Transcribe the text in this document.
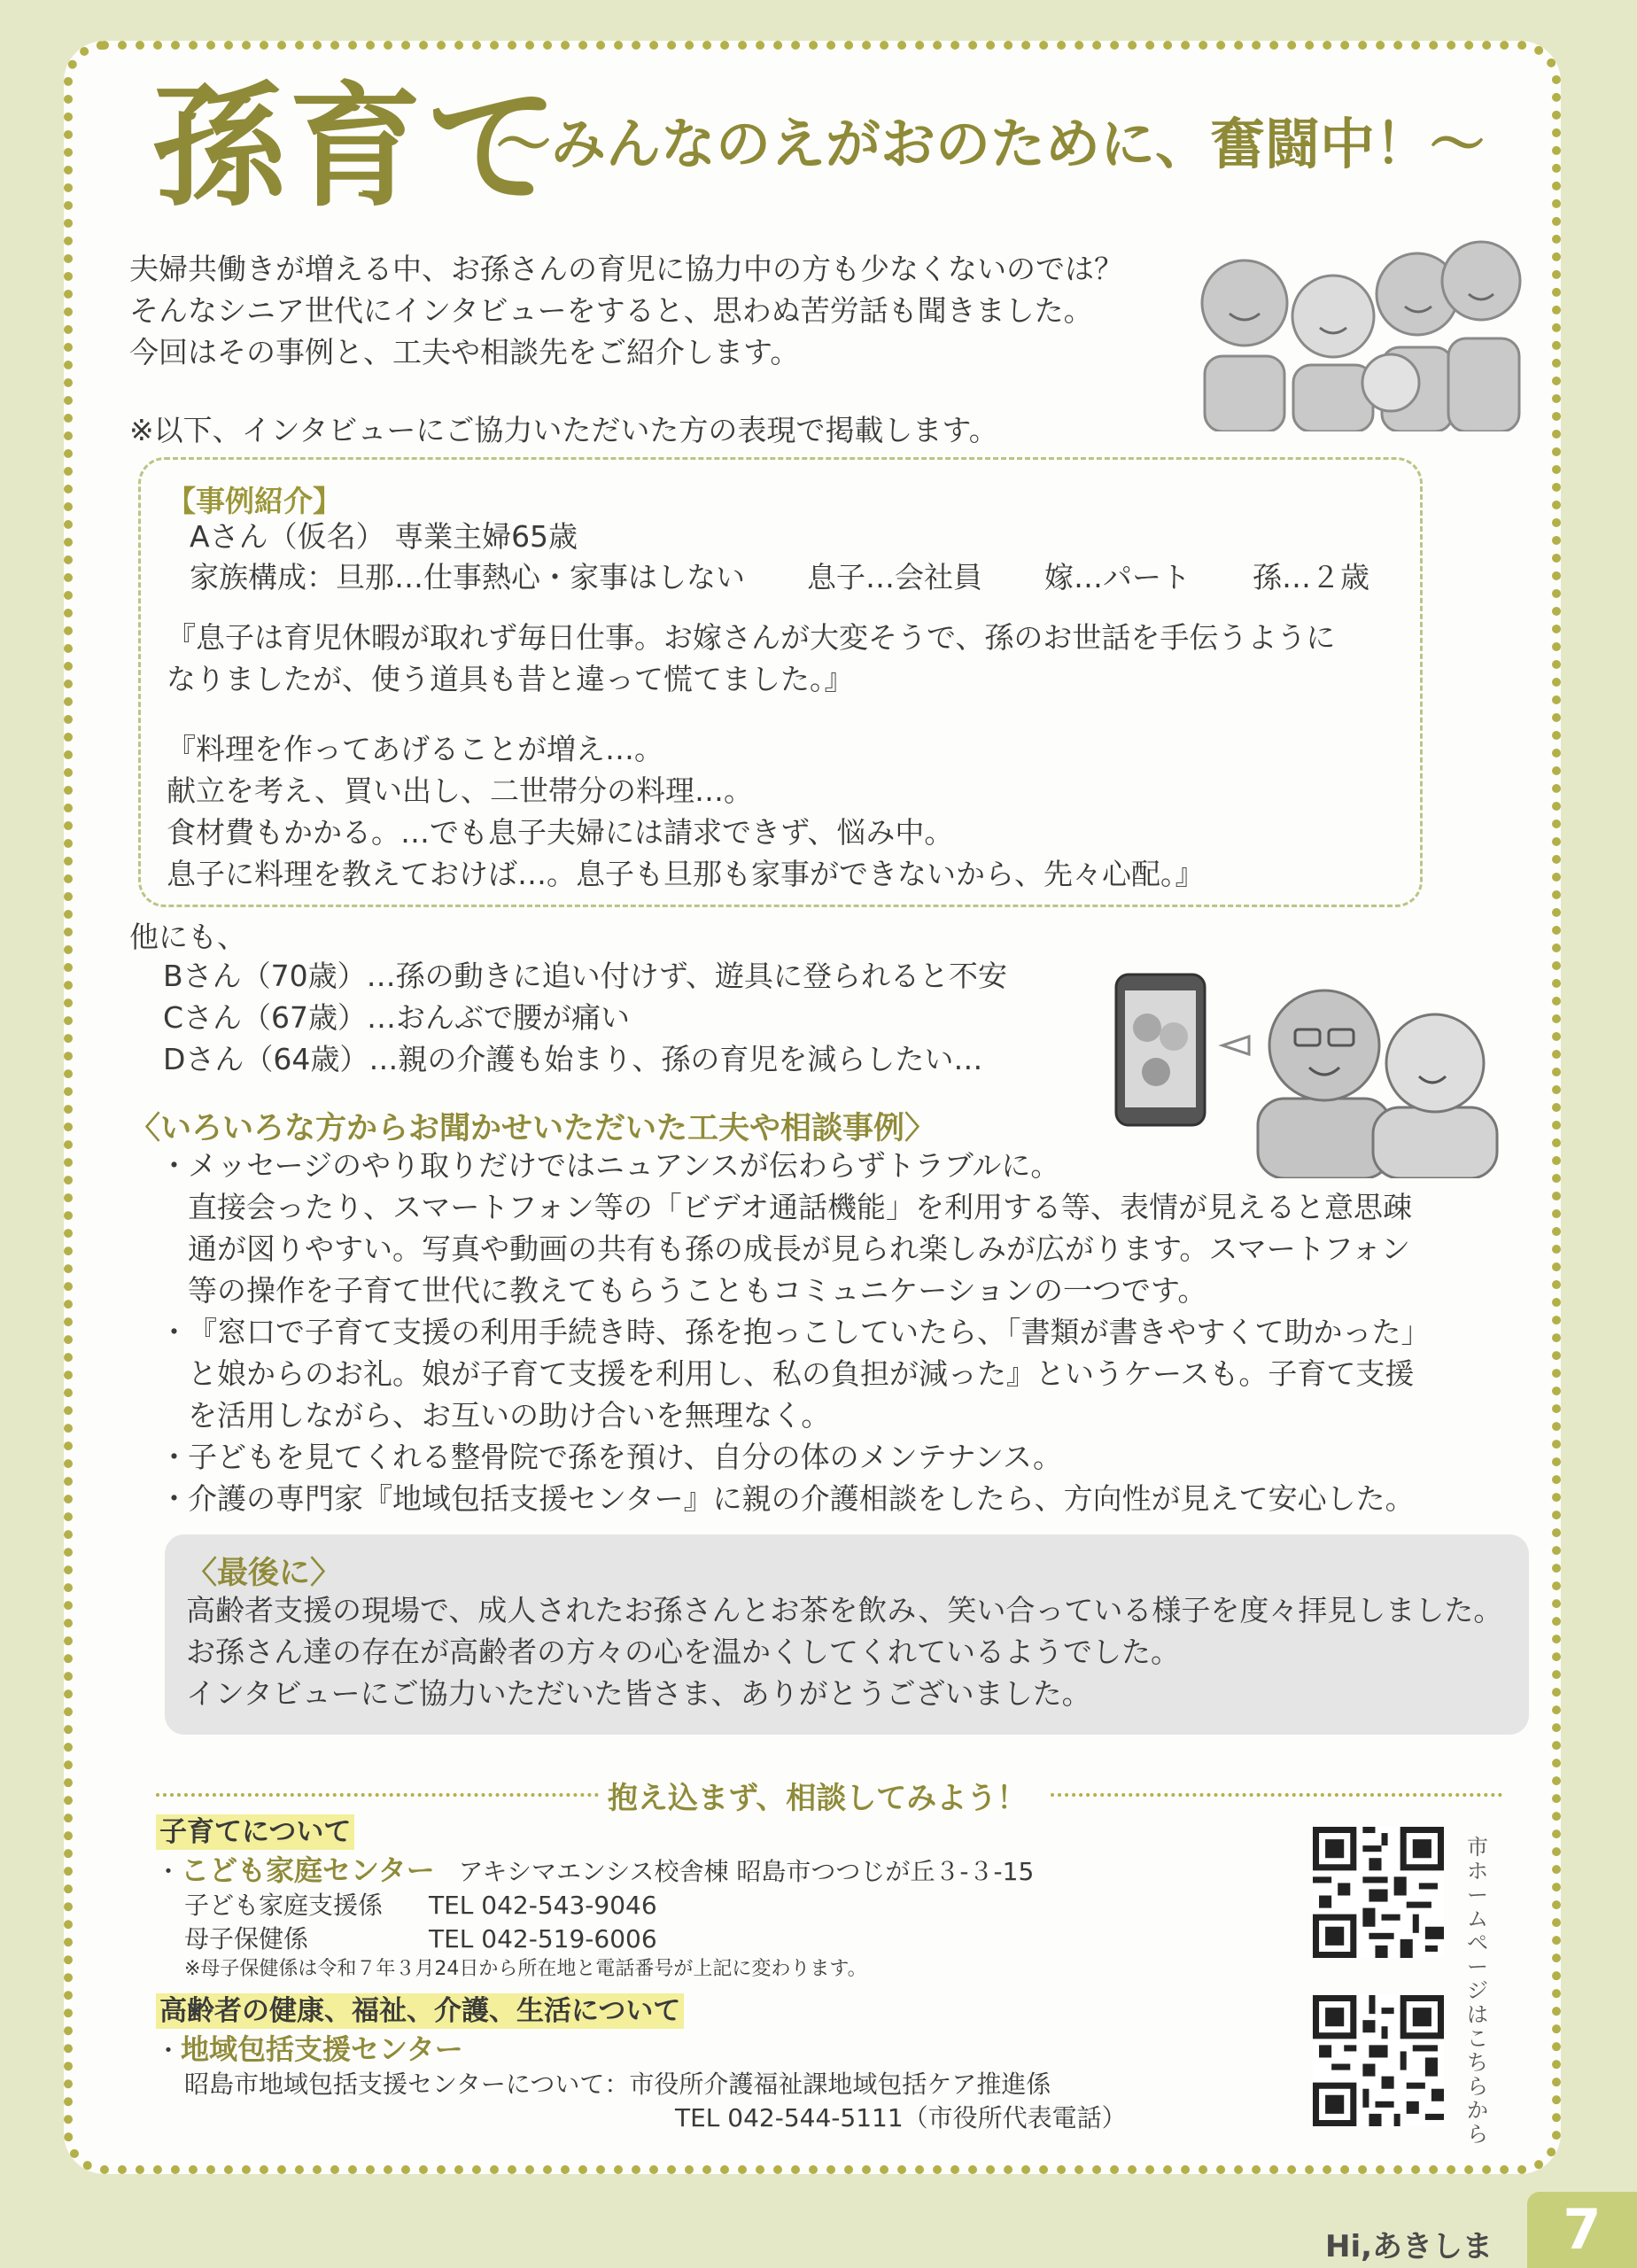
孫育て
〜みんなのえがおのために、奮闘中！〜
夫婦共働きが増える中、お孫さんの育児に協力中の方も少なくないのでは？
そんなシニア世代にインタビューをすると、思わぬ苦労話も聞きました。
今回はその事例と、工夫や相談先をご紹介します。
※以下、インタビューにご協力いただいた方の表現で掲載します。
【事例紹介】
Aさん（仮名） 専業主婦65歳
家族構成：旦那…仕事熱心・家事はしない 息子…会社員 嫁…パート 孫…２歳
『息子は育児休暇が取れず毎日仕事。お嫁さんが大変そうで、孫のお世話を手伝うように
なりましたが、使う道具も昔と違って慌てました。』
『料理を作ってあげることが増え…。
献立を考え、買い出し、二世帯分の料理…。
食材費もかかる。…でも息子夫婦には請求できず、悩み中。
息子に料理を教えておけば…。息子も旦那も家事ができないから、先々心配。』
他にも、
Bさん（70歳）…孫の動きに追い付けず、遊具に登られると不安
Cさん（67歳）…おんぶで腰が痛い
Dさん（64歳）…親の介護も始まり、孫の育児を減らしたい…
〈いろいろな方からお聞かせいただいた工夫や相談事例〉
・ メッセージのやり取りだけではニュアンスが伝わらずトラブルに。
直接会ったり、スマートフォン等の「ビデオ通話機能」を利用する等、表情が見えると意思疎
通が図りやすい。写真や動画の共有も孫の成長が見られ楽しみが広がります。スマートフォン
等の操作を子育て世代に教えてもらうこともコミュニケーションの一つです。
・ 『窓口で子育て支援の利用手続き時、孫を抱っこしていたら、「書類が書きやすくて助かった」
と娘からのお礼。娘が子育て支援を利用し、私の負担が減った』というケースも。子育て支援
を活用しながら、お互いの助け合いを無理なく。
・ 子どもを見てくれる整骨院で孫を預け、自分の体のメンテナンス。
・ 介護の専門家『地域包括支援センター』に親の介護相談をしたら、方向性が見えて安心した。
〈最後に〉
高齢者支援の現場で、成人されたお孫さんとお茶を飲み、笑い合っている様子を度々拝見しました。
お孫さん達の存在が高齢者の方々の心を温かくしてくれているようでした。
インタビューにご協力いただいた皆さま、ありがとうございました。
抱え込まず、相談してみよう！
子育てについて
・こども家庭センター アキシマエンシス校舎棟 昭島市つつじが丘３-３-15
子ども家庭支援係 TEL 042-543-9046
母子保健係	TEL 042-519-6006
※母子保健係は令和７年３月24日から所在地と電話番号が上記に変わります。
高齢者の健康、福祉、介護、生活について
・地域包括支援センター
昭島市地域包括支援センターについて：市役所介護福祉課地域包括ケア推進係
TEL 042-544-5111（市役所代表電話）
市ホームページはこちらから
7
Hi,あきしま
